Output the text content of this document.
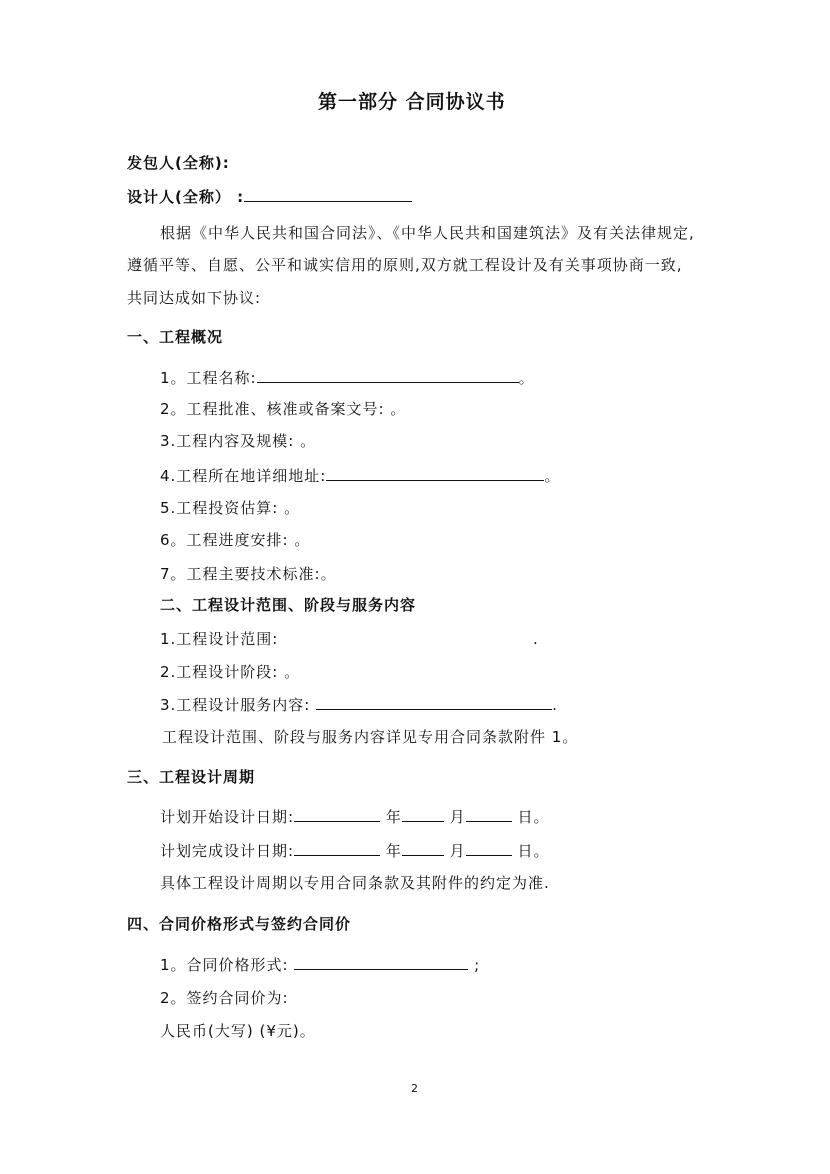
第一部分 合同协议书
发包人(全称):
设计人(全称） :
根据《中华人民共和国合同法》、《中华人民共和国建筑法》及有关法律规定,
遵循平等、自愿、公平和诚实信用的原则,双方就工程设计及有关事项协商一致,
共同达成如下协议:
一、工程概况
1。工程名称:	。
2。工程批准、核准或备案文号: 。
3.工程内容及规模: 。
4.工程所在地详细地址:	。
5.工程投资估算: 。
6。工程进度安排: 。
7。工程主要技术标准:。
二、工程设计范围、阶段与服务内容
1.工程设计范围:	.
2.工程设计阶段: 。
3.工程设计服务内容:	.
工程设计范围、阶段与服务内容详见专用合同条款附件 1。
三、工程设计周期
计划开始设计日期:	年	月	日。
计划完成设计日期:	年	月	日。
具体工程设计周期以专用合同条款及其附件的约定为准.
四、合同价格形式与签约合同价
1。合同价格形式:	;
2。签约合同价为:
人民币(大写) (¥元)。
2
